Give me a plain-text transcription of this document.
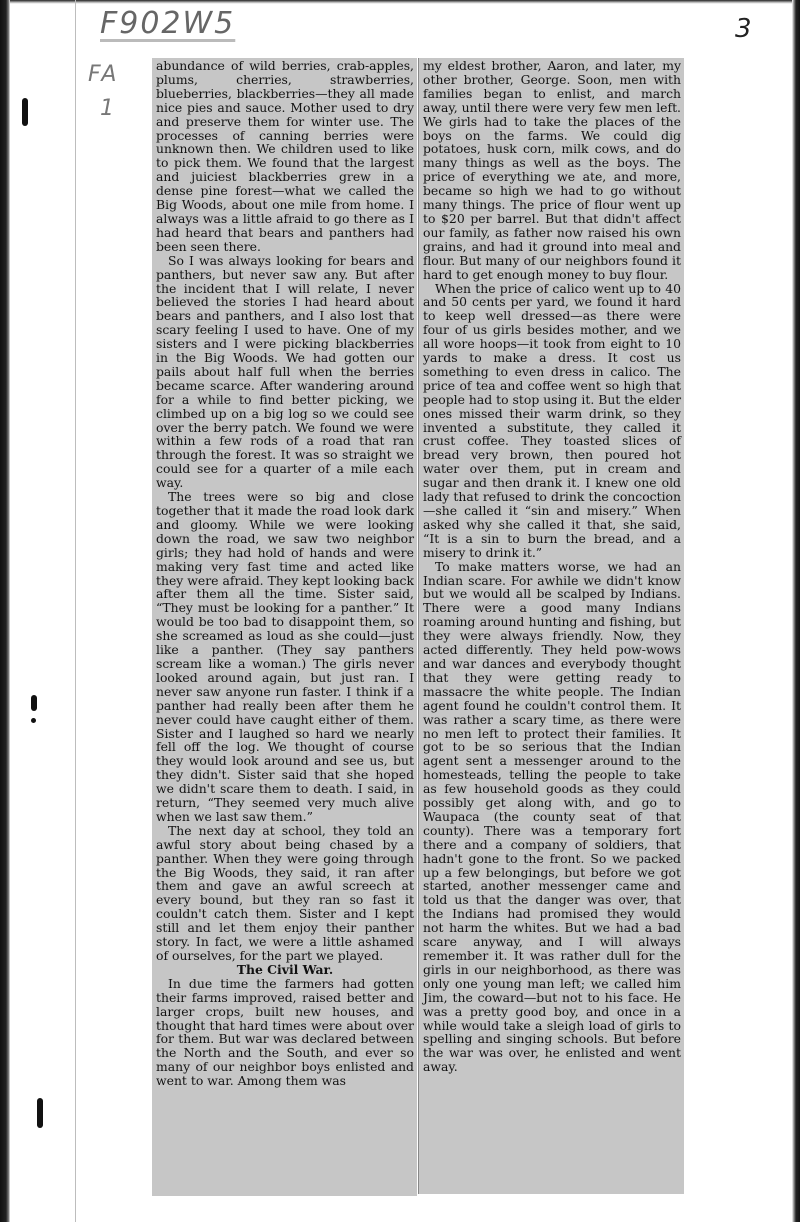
F902W5	3
FA
1

abundance of wild berries, crab-apples, plums, cherries, strawberries, blueberries, blackberries—they all made nice pies and sauce. Mother used to dry and preserve them for winter use. The processes of canning berries were unknown then. We children used to like to pick them. We found that the largest and juiciest blackberries grew in a dense pine forest—what we called the Big Woods, about one mile from home. I always was a little afraid to go there as I had heard that bears and panthers had been seen there.

So I was always looking for bears and panthers, but never saw any. But after the incident that I will relate, I never believed the stories I had heard about bears and panthers, and I also lost that scary feeling I used to have. One of my sisters and I were picking blackberries in the Big Woods. We had gotten our pails about half full when the berries became scarce. After wandering around for a while to find better picking, we climbed up on a big log so we could see over the berry patch. We found we were within a few rods of a road that ran through the forest. It was so straight we could see for a quarter of a mile each way.

The trees were so big and close together that it made the road look dark and gloomy. While we were looking down the road, we saw two neighbor girls; they had hold of hands and were making very fast time and acted like they were afraid. They kept looking back after them all the time. Sister said, “They must be looking for a panther.” It would be too bad to disappoint them, so she screamed as loud as she could—just like a panther. (They say panthers scream like a woman.) The girls never looked around again, but just ran. I never saw anyone run faster. I think if a panther had really been after them he never could have caught either of them. Sister and I laughed so hard we nearly fell off the log. We thought of course they would look around and see us, but they didn't. Sister said that she hoped we didn't scare them to death. I said, in return, “They seemed very much alive when we last saw them.”

The next day at school, they told an awful story about being chased by a panther. When they were going through the Big Woods, they said, it ran after them and gave an awful screech at every bound, but they ran so fast it couldn't catch them. Sister and I kept still and let them enjoy their panther story. In fact, we were a little ashamed of ourselves, for the part we played.

The Civil War.

In due time the farmers had gotten their farms improved, raised better and larger crops, built new houses, and thought that hard times were about over for them. But war was declared between the North and the South, and ever so many of our neighbor boys enlisted and went to war. Among them was

my eldest brother, Aaron, and later, my other brother, George. Soon, men with families began to enlist, and march away, until there were very few men left. We girls had to take the places of the boys on the farms. We could dig potatoes, husk corn, milk cows, and do many things as well as the boys. The price of everything we ate, and more, became so high we had to go without many things. The price of flour went up to $20 per barrel. But that didn't affect our family, as father now raised his own grains, and had it ground into meal and flour. But many of our neighbors found it hard to get enough money to buy flour.

When the price of calico went up to 40 and 50 cents per yard, we found it hard to keep well dressed—as there were four of us girls besides mother, and we all wore hoops—it took from eight to 10 yards to make a dress. It cost us something to even dress in calico. The price of tea and coffee went so high that people had to stop using it. But the elder ones missed their warm drink, so they invented a substitute, they called it crust coffee. They toasted slices of bread very brown, then poured hot water over them, put in cream and sugar and then drank it. I knew one old lady that refused to drink the concoction—she called it “sin and misery.” When asked why she called it that, she said, “It is a sin to burn the bread, and a misery to drink it.”

To make matters worse, we had an Indian scare. For awhile we didn't know but we would all be scalped by Indians. There were a good many Indians roaming around hunting and fishing, but they were always friendly. Now, they acted differently. They held pow-wows and war dances and everybody thought that they were getting ready to massacre the white people. The Indian agent found he couldn't control them. It was rather a scary time, as there were no men left to protect their families. It got to be so serious that the Indian agent sent a messenger around to the homesteads, telling the people to take as few household goods as they could possibly get along with, and go to Waupaca (the county seat of that county). There was a temporary fort there and a company of soldiers, that hadn't gone to the front. So we packed up a few belongings, but before we got started, another messenger came and told us that the danger was over, that the Indians had promised they would not harm the whites. But we had a bad scare anyway, and I will always remember it. It was rather dull for the girls in our neighborhood, as there was only one young man left; we called him Jim, the coward—but not to his face. He was a pretty good boy, and once in a while would take a sleigh load of girls to spelling and singing schools. But before the war was over, he enlisted and went away.
